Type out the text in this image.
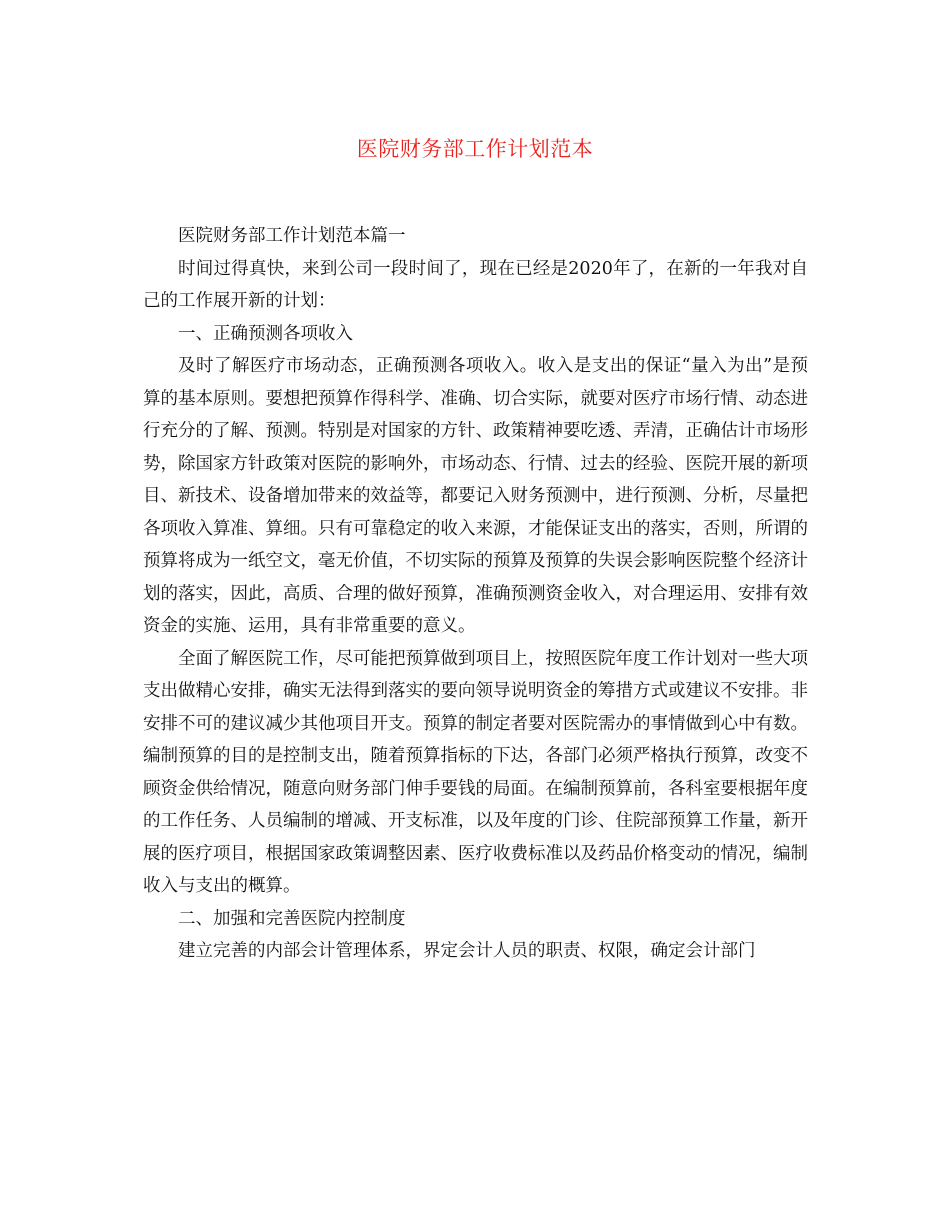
医院财务部工作计划范本

医院财务部工作计划范本篇一

时间过得真快，来到公司一段时间了，现在已经是2020年了，在新的一年我对自己的工作展开新的计划：

一、正确预测各项收入

及时了解医疗市场动态，正确预测各项收入。收入是支出的保证“量入为出”是预算的基本原则。要想把预算作得科学、准确、切合实际，就要对医疗市场行情、动态进行充分的了解、预测。特别是对国家的方针、政策精神要吃透、弄清，正确估计市场形势，除国家方针政策对医院的影响外，市场动态、行情、过去的经验、医院开展的新项目、新技术、设备增加带来的效益等，都要记入财务预测中，进行预测、分析，尽量把各项收入算准、算细。只有可靠稳定的收入来源，才能保证支出的落实，否则，所谓的预算将成为一纸空文，毫无价值，不切实际的预算及预算的失误会影响医院整个经济计划的落实，因此，高质、合理的做好预算，准确预测资金收入，对合理运用、安排有效资金的实施、运用，具有非常重要的意义。

全面了解医院工作，尽可能把预算做到项目上，按照医院年度工作计划对一些大项支出做精心安排，确实无法得到落实的要向领导说明资金的筹措方式或建议不安排。非安排不可的建议减少其他项目开支。预算的制定者要对医院需办的事情做到心中有数。编制预算的目的是控制支出，随着预算指标的下达，各部门必须严格执行预算，改变不顾资金供给情况，随意向财务部门伸手要钱的局面。在编制预算前，各科室要根据年度的工作任务、人员编制的增减、开支标准，以及年度的门诊、住院部预算工作量，新开展的医疗项目，根据国家政策调整因素、医疗收费标准以及药品价格变动的情况，编制收入与支出的概算。

二、加强和完善医院内控制度

建立完善的内部会计管理体系，界定会计人员的职责、权限，确定会计部门
